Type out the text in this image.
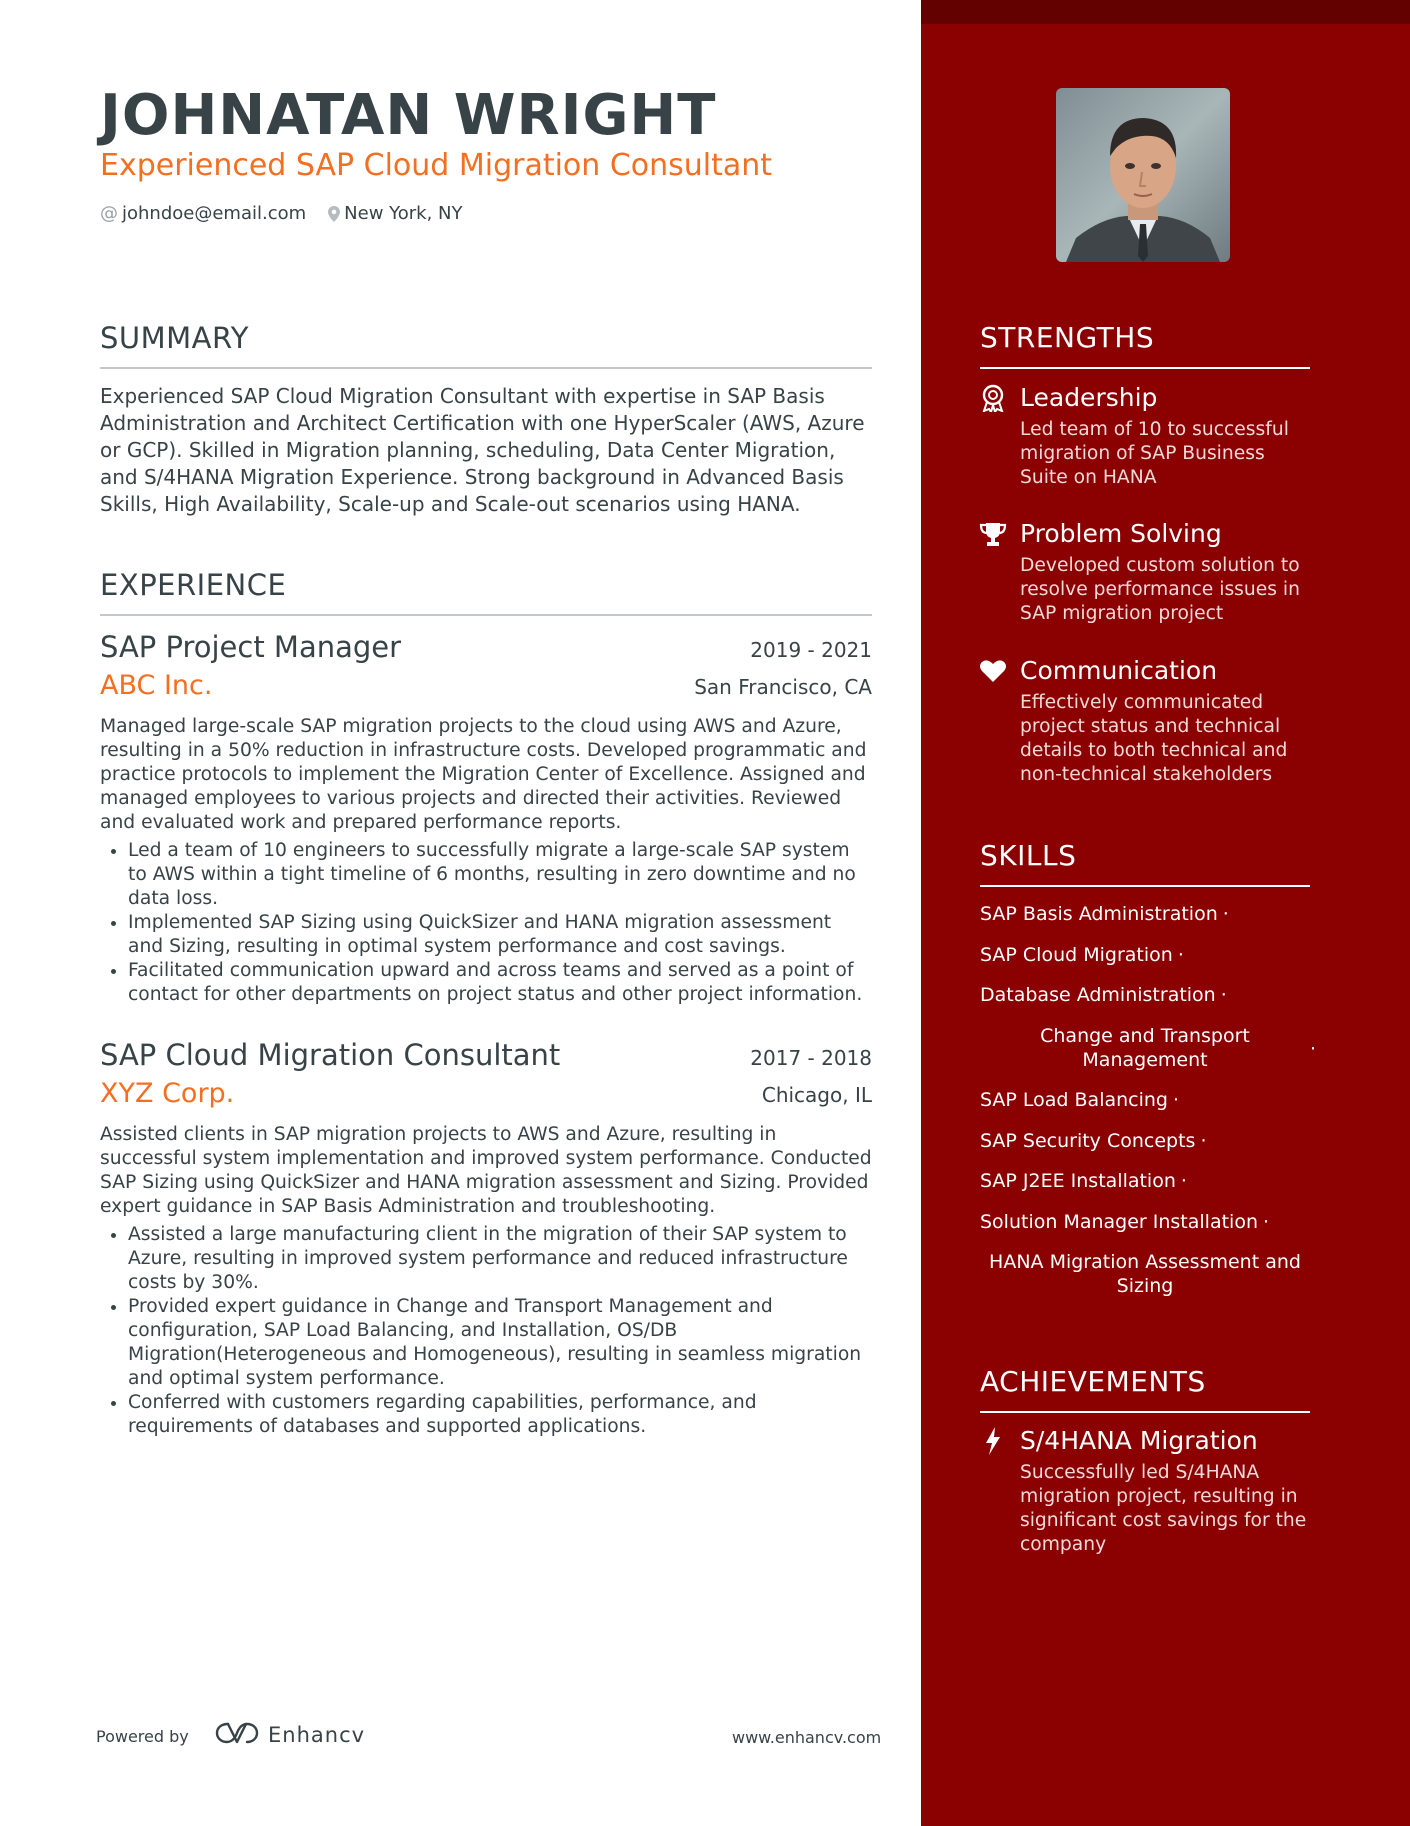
JOHNATAN WRIGHT
Experienced SAP Cloud Migration Consultant
@ johndoe@email.com New York, NY
SUMMARY
Experienced SAP Cloud Migration Consultant with expertise in SAP Basis Administration and Architect Certification with one HyperScaler (AWS, Azure or GCP). Skilled in Migration planning, scheduling, Data Center Migration, and S/4HANA Migration Experience. Strong background in Advanced Basis Skills, High Availability, Scale-up and Scale-out scenarios using HANA.
EXPERIENCE
SAP Project Manager	2019 - 2021
ABC Inc.	San Francisco, CA
Managed large-scale SAP migration projects to the cloud using AWS and Azure, resulting in a 50% reduction in infrastructure costs. Developed programmatic and practice protocols to implement the Migration Center of Excellence. Assigned and managed employees to various projects and directed their activities. Reviewed and evaluated work and prepared performance reports.
• Led a team of 10 engineers to successfully migrate a large-scale SAP system to AWS within a tight timeline of 6 months, resulting in zero downtime and no data loss.
• Implemented SAP Sizing using QuickSizer and HANA migration assessment and Sizing, resulting in optimal system performance and cost savings.
• Facilitated communication upward and across teams and served as a point of contact for other departments on project status and other project information.
SAP Cloud Migration Consultant	2017 - 2018
XYZ Corp.	Chicago, IL
Assisted clients in SAP migration projects to AWS and Azure, resulting in successful system implementation and improved system performance. Conducted SAP Sizing using QuickSizer and HANA migration assessment and Sizing. Provided expert guidance in SAP Basis Administration and troubleshooting.
• Assisted a large manufacturing client in the migration of their SAP system to Azure, resulting in improved system performance and reduced infrastructure costs by 30%.
• Provided expert guidance in Change and Transport Management and configuration, SAP Load Balancing, and Installation, OS/DB Migration(Heterogeneous and Homogeneous), resulting in seamless migration and optimal system performance.
• Conferred with customers regarding capabilities, performance, and requirements of databases and supported applications.
Powered by	Enhancv	www.enhancv.com
STRENGTHS
Leadership
Led team of 10 to successful migration of SAP Business Suite on HANA
Problem Solving
Developed custom solution to resolve performance issues in SAP migration project
Communication
Effectively communicated project status and technical details to both technical and non-technical stakeholders
SKILLS
SAP Basis Administration ·
SAP Cloud Migration ·
Database Administration ·
Change and Transport Management	·
SAP Load Balancing ·
SAP Security Concepts ·
SAP J2EE Installation ·
Solution Manager Installation ·
HANA Migration Assessment and Sizing
ACHIEVEMENTS
S/4HANA Migration
Successfully led S/4HANA migration project, resulting in significant cost savings for the company
